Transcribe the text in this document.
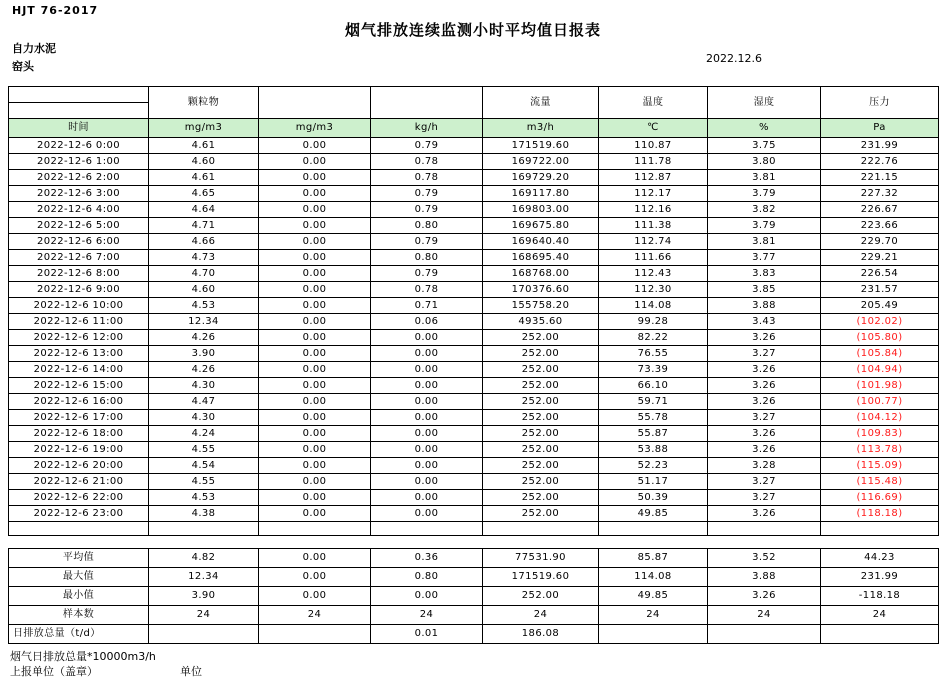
HJT 76-2017
烟气排放连续监测小时平均值日报表
自力水泥
窑头
2022.12.6
	颗粒物			流量	温度	湿度	压力

时间	mg/m3	mg/m3	kg/h	m3/h	℃	%	Pa
2022-12-6 0:00	4.61	0.00	0.79	171519.60	110.87	3.75	231.99
2022-12-6 1:00	4.60	0.00	0.78	169722.00	111.78	3.80	222.76
2022-12-6 2:00	4.61	0.00	0.78	169729.20	112.87	3.81	221.15
2022-12-6 3:00	4.65	0.00	0.79	169117.80	112.17	3.79	227.32
2022-12-6 4:00	4.64	0.00	0.79	169803.00	112.16	3.82	226.67
2022-12-6 5:00	4.71	0.00	0.80	169675.80	111.38	3.79	223.66
2022-12-6 6:00	4.66	0.00	0.79	169640.40	112.74	3.81	229.70
2022-12-6 7:00	4.73	0.00	0.80	168695.40	111.66	3.77	229.21
2022-12-6 8:00	4.70	0.00	0.79	168768.00	112.43	3.83	226.54
2022-12-6 9:00	4.60	0.00	0.78	170376.60	112.30	3.85	231.57
2022-12-6 10:00	4.53	0.00	0.71	155758.20	114.08	3.88	205.49
2022-12-6 11:00	12.34	0.00	0.06	4935.60	99.28	3.43	(102.02)
2022-12-6 12:00	4.26	0.00	0.00	252.00	82.22	3.26	(105.80)
2022-12-6 13:00	3.90	0.00	0.00	252.00	76.55	3.27	(105.84)
2022-12-6 14:00	4.26	0.00	0.00	252.00	73.39	3.26	(104.94)
2022-12-6 15:00	4.30	0.00	0.00	252.00	66.10	3.26	(101.98)
2022-12-6 16:00	4.47	0.00	0.00	252.00	59.71	3.26	(100.77)
2022-12-6 17:00	4.30	0.00	0.00	252.00	55.78	3.27	(104.12)
2022-12-6 18:00	4.24	0.00	0.00	252.00	55.87	3.26	(109.83)
2022-12-6 19:00	4.55	0.00	0.00	252.00	53.88	3.26	(113.78)
2022-12-6 20:00	4.54	0.00	0.00	252.00	52.23	3.28	(115.09)
2022-12-6 21:00	4.55	0.00	0.00	252.00	51.17	3.27	(115.48)
2022-12-6 22:00	4.53	0.00	0.00	252.00	50.39	3.27	(116.69)
2022-12-6 23:00	4.38	0.00	0.00	252.00	49.85	3.26	(118.18)

平均值	4.82	0.00	0.36	77531.90	85.87	3.52	44.23
最大值	12.34	0.00	0.80	171519.60	114.08	3.88	231.99
最小值	3.90	0.00	0.00	252.00	49.85	3.26	-118.18
样本数	24	24	24	24	24	24	24
日排放总量（t/d）			0.01	186.08			
烟气日排放总量*10000m3/h
上报单位（盖章）	单位
